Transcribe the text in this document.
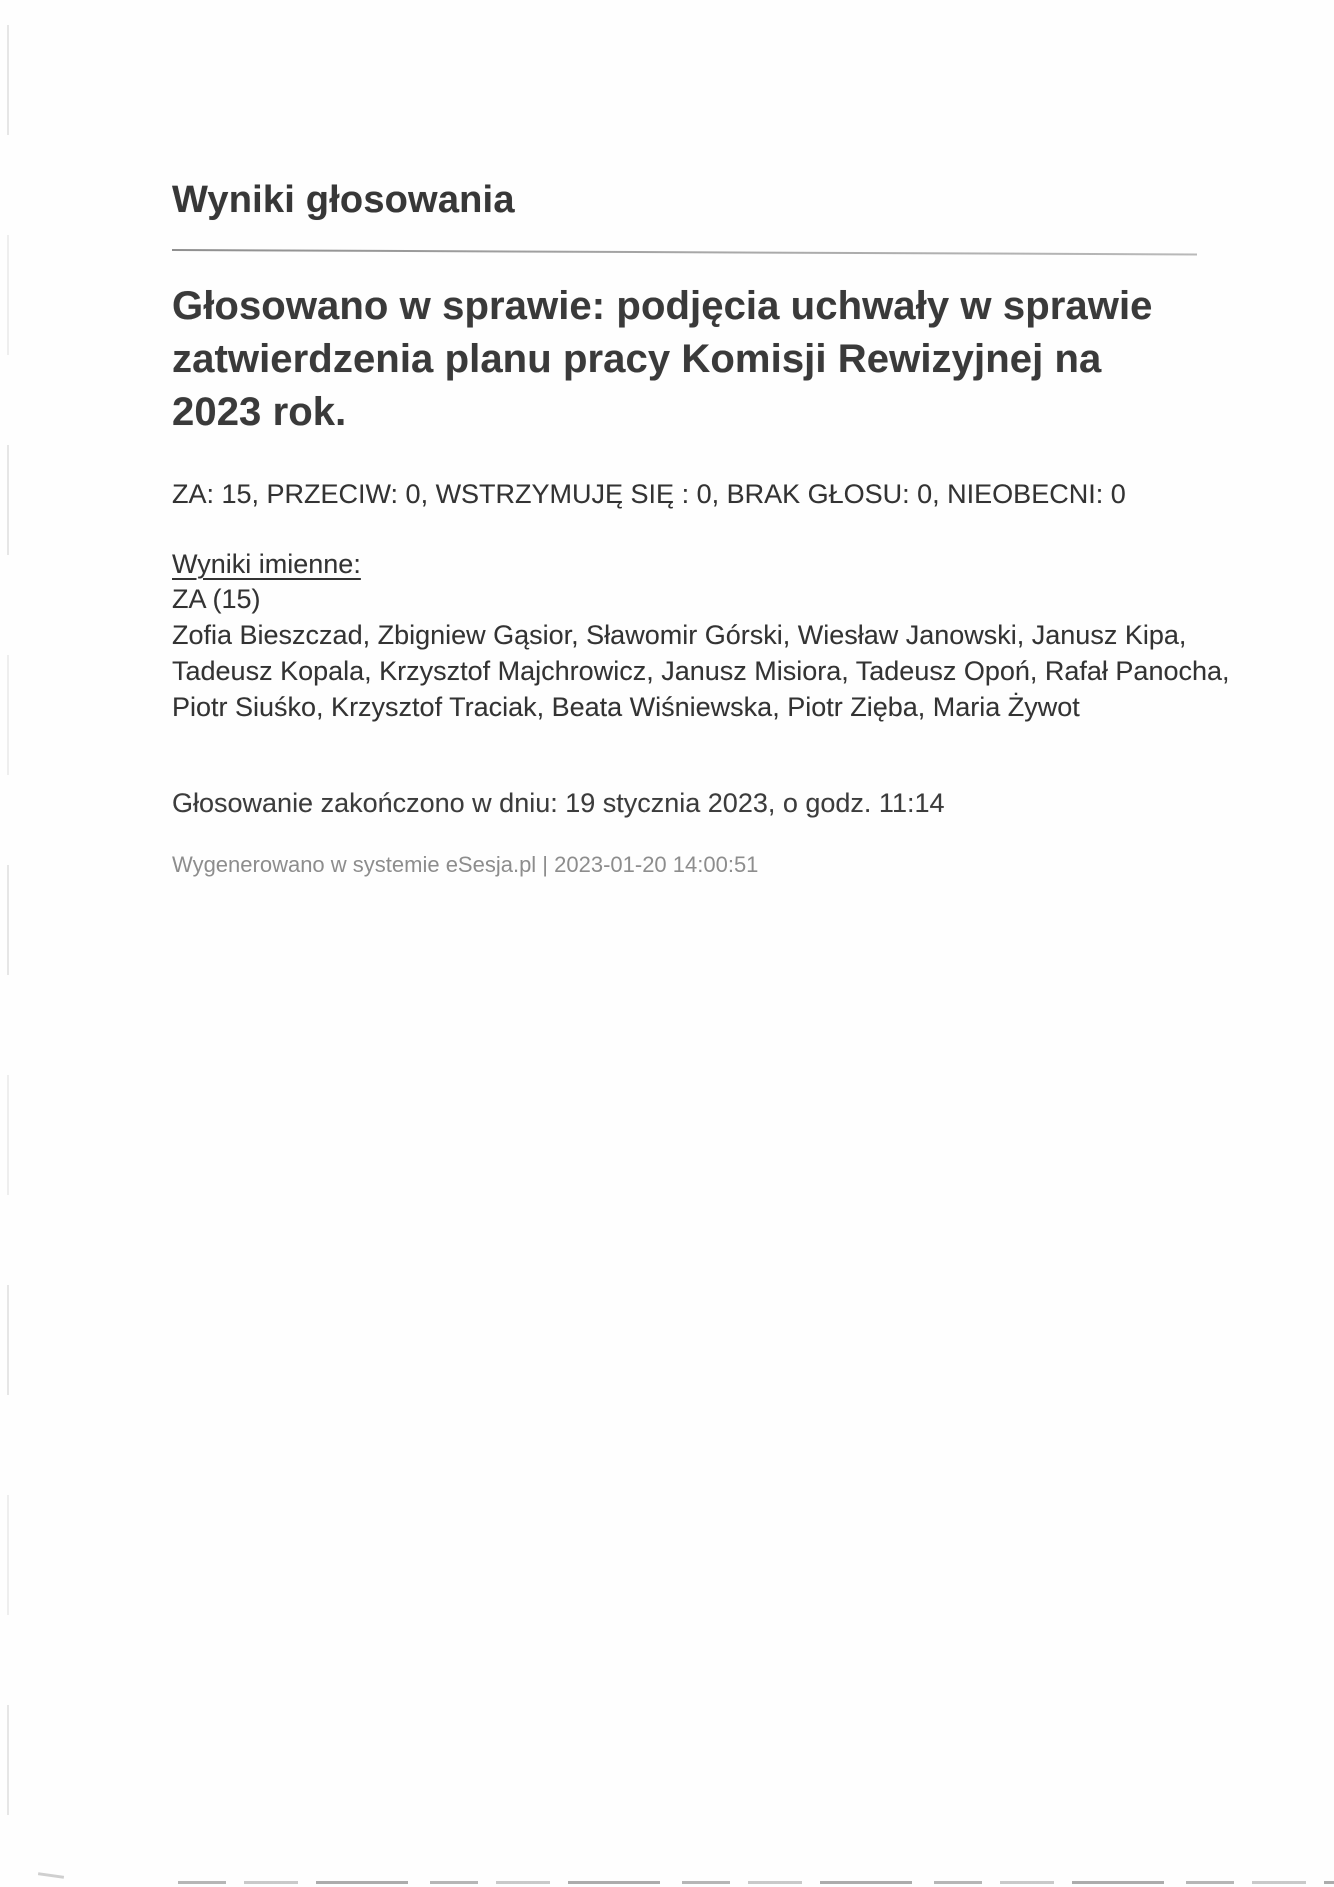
Wyniki głosowania
Głosowano w sprawie: podjęcia uchwały w sprawie
zatwierdzenia planu pracy Komisji Rewizyjnej na
2023 rok.
ZA: 15, PRZECIW: 0, WSTRZYMUJĘ SIĘ : 0, BRAK GŁOSU: 0, NIEOBECNI: 0
Wyniki imienne:
ZA (15)
Zofia Bieszczad, Zbigniew Gąsior, Sławomir Górski, Wiesław Janowski, Janusz Kipa,
Tadeusz Kopala, Krzysztof Majchrowicz, Janusz Misiora, Tadeusz Opoń, Rafał Panocha,
Piotr Siuśko, Krzysztof Traciak, Beata Wiśniewska, Piotr Zięba, Maria Żywot
Głosowanie zakończono w dniu: 19 stycznia 2023, o godz. 11:14
Wygenerowano w systemie eSesja.pl | 2023-01-20 14:00:51
